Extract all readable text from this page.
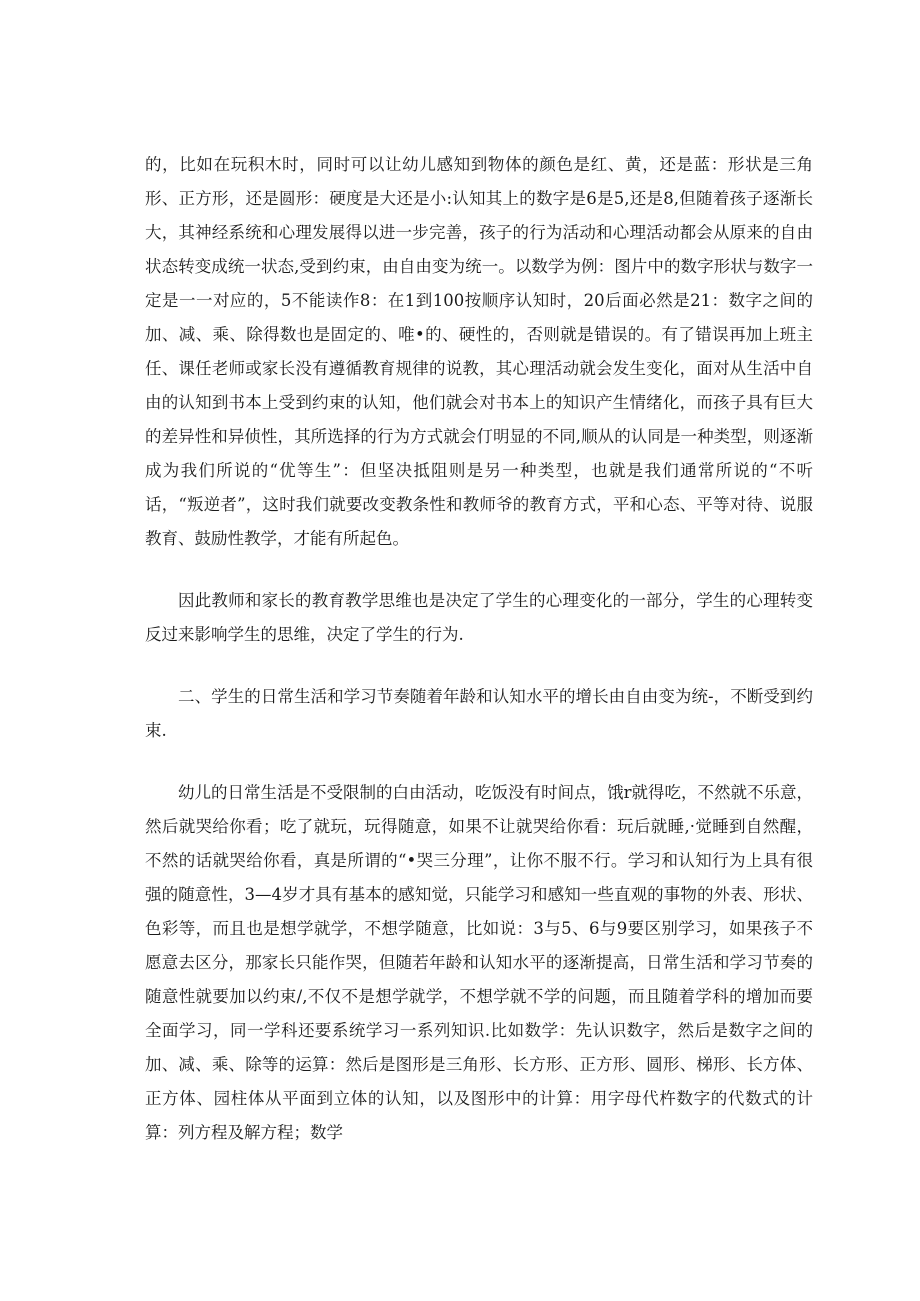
的，比如在玩积木时，同时可以让幼儿感知到物体的颜色是红、黄，还是蓝：形状是三角形、正方形，还是圆形：硬度是大还是小:认知其上的数字是6是5,还是8,但随着孩子逐渐长大，其神经系统和心理发展得以进一步完善，孩子的行为活动和心理活动都会从原来的自由状态转变成统一状态,受到约束，由自由变为统一。以数学为例：图片中的数字形状与数字一定是一一对应的，5不能读作8：在1到100按顺序认知时，20后面必然是21：数字之间的加、减、乘、除得数也是固定的、唯•的、硬性的，否则就是错误的。有了错误再加上班主任、课任老师或家长没有遵循教育规律的说教，其心理活动就会发生变化，面对从生活中自由的认知到书本上受到约束的认知，他们就会对书本上的知识产生情绪化，而孩子具有巨大的差异性和异侦性，其所选择的行为方式就会仃明显的不同,顺从的认同是一种类型，则逐渐成为我们所说的“优等生”：但坚决抵阻则是另一种类型，也就是我们通常所说的“不听话，“叛逆者”，这时我们就要改变教条性和教师爷的教育方式，平和心态、平等对待、说服教育、鼓励性教学，才能有所起色。

因此教师和家长的教育教学思维也是决定了学生的心理变化的一部分，学生的心理转变反过来影响学生的思维，决定了学生的行为.

二、学生的日常生活和学习节奏随着年龄和认知水平的增长由自由变为统-，不断受到约束.

幼儿的日常生活是不受限制的白由活动，吃饭没有时间点，饿r就得吃，不然就不乐意，然后就哭给你看；吃了就玩，玩得随意，如果不让就哭给你看：玩后就睡,·觉睡到自然醒，不然的话就哭给你看，真是所谓的“•哭三分理”，让你不服不行。学习和认知行为上具有很强的随意性，3—4岁才具有基本的感知觉，只能学习和感知一些直观的事物的外表、形状、色彩等，而且也是想学就学，不想学随意，比如说：3与5、6与9要区别学习，如果孩子不愿意去区分，那家长只能作哭，但随若年龄和认知水平的逐渐提高，日常生活和学习节奏的随意性就要加以约束/,不仅不是想学就学，不想学就不学的问题，而且随着学科的增加而要全面学习，同一学科还要系统学习一系列知识.比如数学：先认识数字，然后是数字之间的加、减、乘、除等的运算：然后是图形是三角形、长方形、正方形、圆形、梯形、长方体、正方体、园柱体从平面到立体的认知，以及图形中的计算：用字母代杵数字的代数式的计算：列方程及解方程；数学
